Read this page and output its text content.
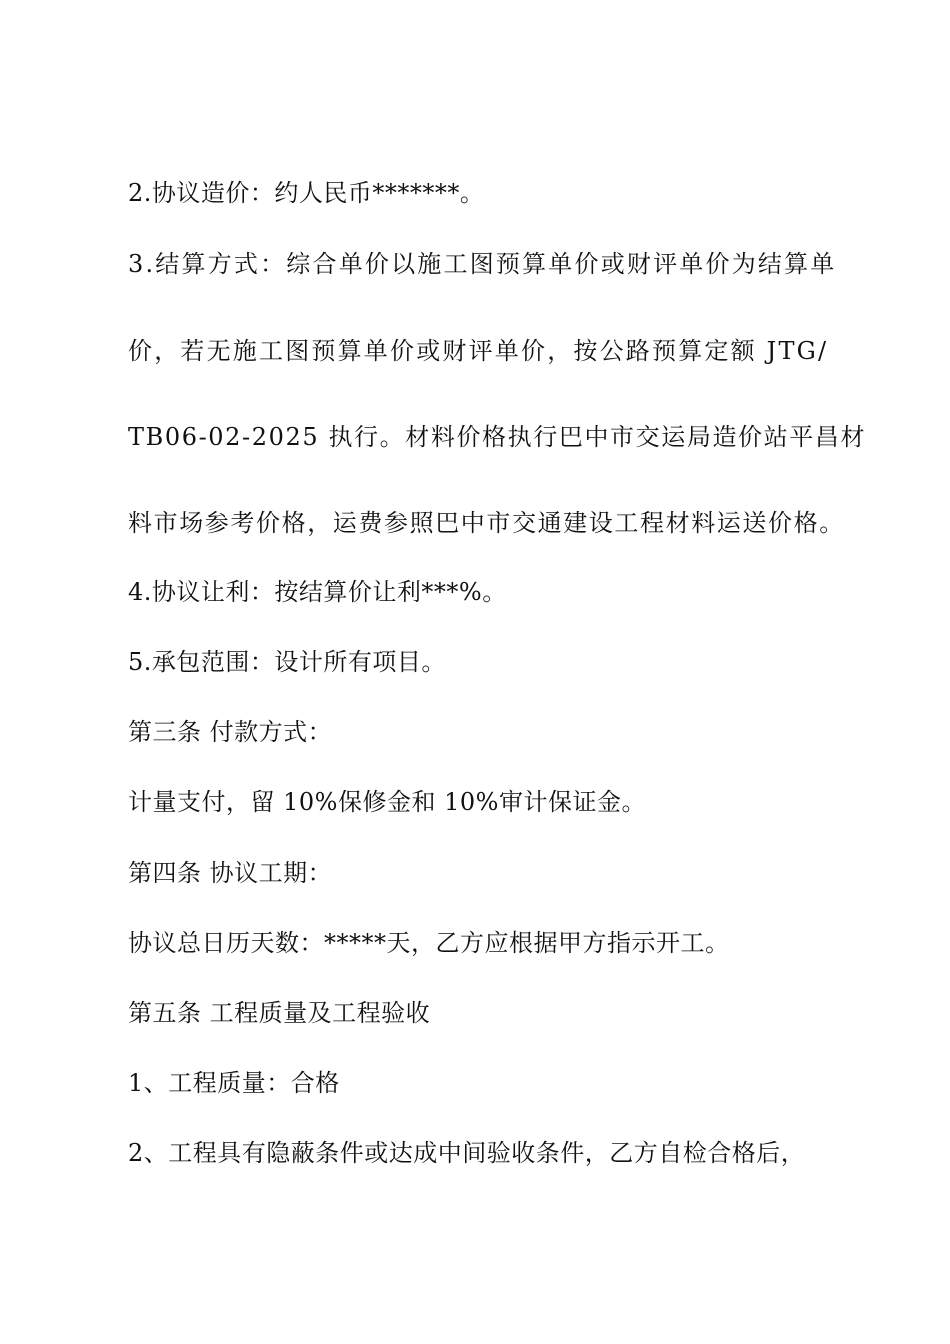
2.协议造价：约人民币*******。
3.结算方式：综合单价以施工图预算单价或财评单价为结算单
价，若无施工图预算单价或财评单价，按公路预算定额 JTG/
TB06-02-2025 执行。材料价格执行巴中市交运局造价站平昌材
料市场参考价格，运费参照巴中市交通建设工程材料运送价格。
4.协议让利：按结算价让利***%。
5.承包范围：设计所有项目。
第三条 付款方式：
计量支付，留 10%保修金和 10%审计保证金。
第四条 协议工期：
协议总日历天数：*****天，乙方应根据甲方指示开工。
第五条 工程质量及工程验收
1、工程质量：合格
2、工程具有隐蔽条件或达成中间验收条件，乙方自检合格后，
